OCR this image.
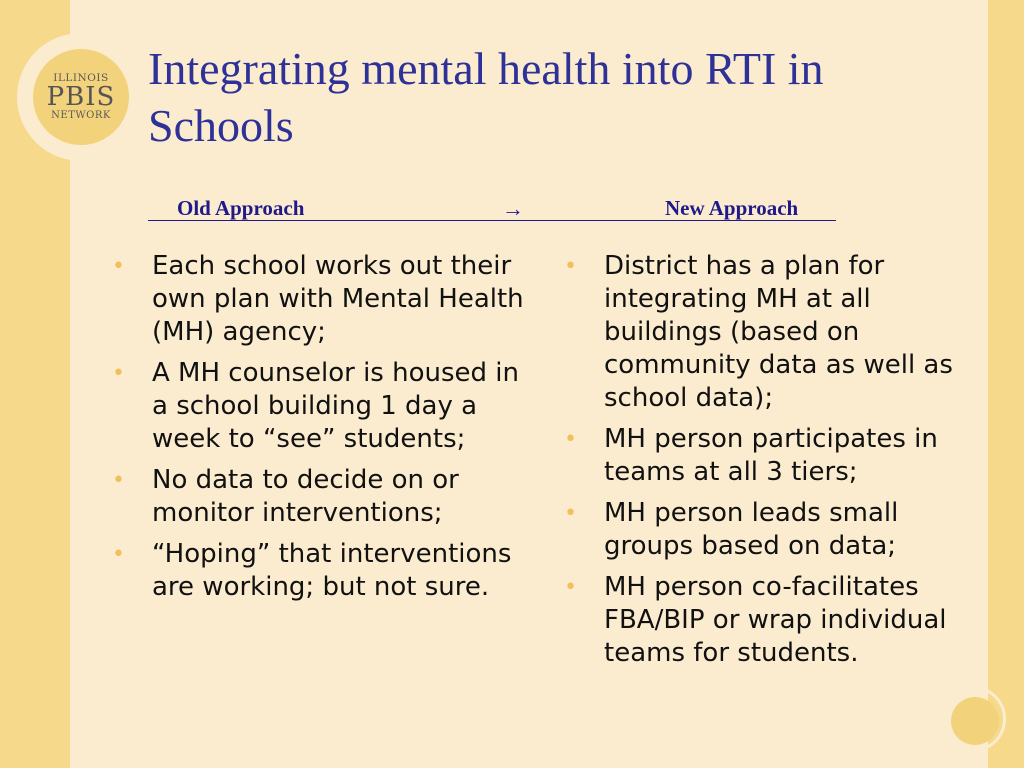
ILLINOIS
PBIS
NETWORK
Integrating mental health into RTI in Schools
Old Approach	→	New Approach
• Each school works out their own plan with Mental Health (MH) agency;
• A MH counselor is housed in a school building 1 day a week to “see” students;
• No data to decide on or monitor interventions;
• “Hoping” that interventions are working; but not sure.
• District has a plan for integrating MH at all buildings (based on community data as well as school data);
• MH person participates in teams at all 3 tiers;
• MH person leads small groups based on data;
• MH person co-facilitates FBA/BIP or wrap individual teams for students.
